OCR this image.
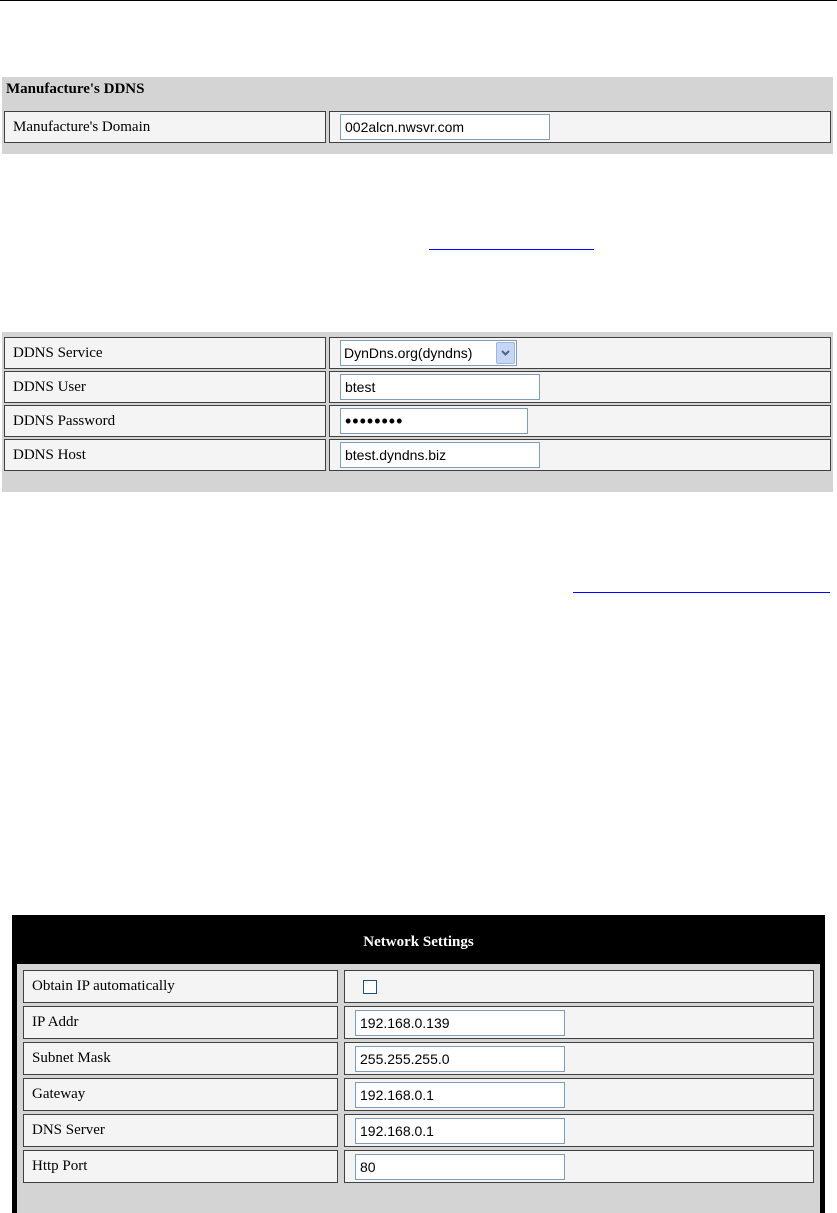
Manufacture's DDNS
Manufacture's Domain
002alcn.nwsvr.com
DDNS Service	DynDns.org(dyndns)
DDNS User
btest
DDNS Password
••••••••
DDNS Host
btest.dyndns.biz
Network Settings
Obtain IP automatically
IP Addr
192.168.0.139
Subnet Mask
255.255.255.0
Gateway
192.168.0.1
DNS Server
192.168.0.1
Http Port
80
